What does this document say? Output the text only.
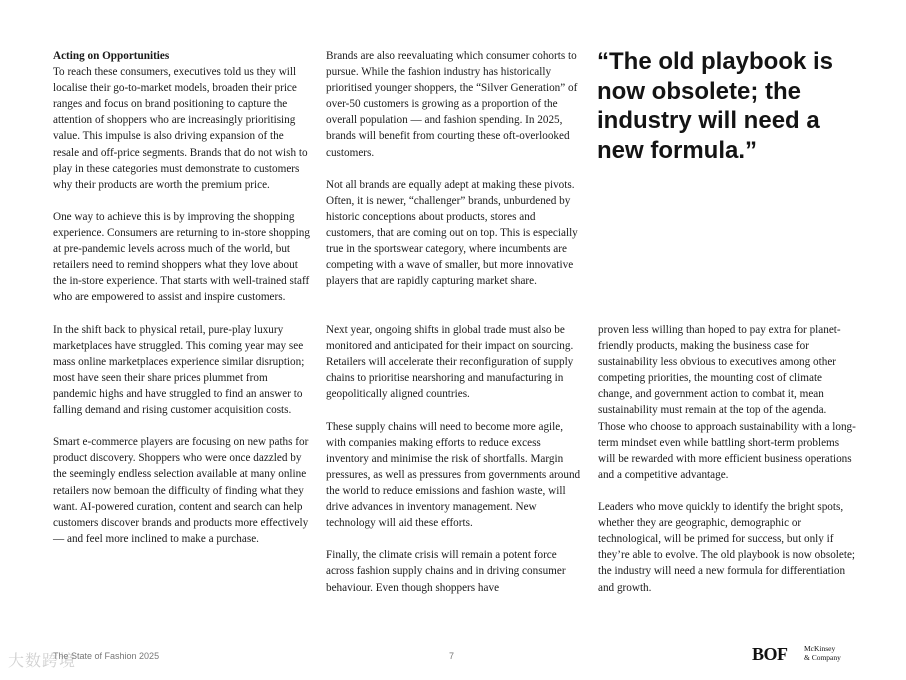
Acting on Opportunities

To reach these consumers, executives told us they will localise their go-to-market models, broaden their price ranges and focus on brand positioning to capture the attention of shoppers who are increasingly prioritising value. This impulse is also driving expansion of the resale and off-price segments. Brands that do not wish to play in these categories must demonstrate to customers why their products are worth the premium price.

One way to achieve this is by improving the shopping experience. Consumers are returning to in-store shopping at pre-pandemic levels across much of the world, but retailers need to remind shoppers what they love about the in-store experience. That starts with well-trained staff who are empowered to assist and inspire customers.

In the shift back to physical retail, pure-play luxury marketplaces have struggled. This coming year may see mass online marketplaces experience similar disruption; most have seen their share prices plummet from pandemic highs and have struggled to find an answer to falling demand and rising customer acquisition costs.

Smart e-commerce players are focusing on new paths for product discovery. Shoppers who were once dazzled by the seemingly endless selection available at many online retailers now bemoan the difficulty of finding what they want. AI-powered curation, content and search can help customers discover brands and products more effectively — and feel more inclined to make a purchase.

Brands are also reevaluating which consumer cohorts to pursue. While the fashion industry has historically prioritised younger shoppers, the “Silver Generation” of over-50 customers is growing as a proportion of the overall population — and fashion spending. In 2025, brands will benefit from courting these oft-overlooked customers.

Not all brands are equally adept at making these pivots. Often, it is newer, “challenger” brands, unburdened by historic conceptions about products, stores and customers, that are coming out on top. This is especially true in the sportswear category, where incumbents are competing with a wave of smaller, but more innovative players that are rapidly capturing market share.

“The old playbook is now obsolete; the industry will need a new formula.”

Next year, ongoing shifts in global trade must also be monitored and anticipated for their impact on sourcing. Retailers will accelerate their reconfiguration of supply chains to prioritise nearshoring and manufacturing in geopolitically aligned countries.

These supply chains will need to become more agile, with companies making efforts to reduce excess inventory and minimise the risk of shortfalls. Margin pressures, as well as pressures from governments around the world to reduce emissions and fashion waste, will drive advances in inventory management. New technology will aid these efforts.

Finally, the climate crisis will remain a potent force across fashion supply chains and in driving consumer behaviour. Even though shoppers have

proven less willing than hoped to pay extra for planet-friendly products, making the business case for sustainability less obvious to executives among other competing priorities, the mounting cost of climate change, and government action to combat it, mean sustainability must remain at the top of the agenda. Those who choose to approach sustainability with a long-term mindset even while battling short-term problems will be rewarded with more efficient business operations and a competitive advantage.

Leaders who move quickly to identify the bright spots, whether they are geographic, demographic or technological, will be primed for success, but only if they’re able to evolve. The old playbook is now obsolete; the industry will need a new formula for differentiation and growth.

The State of Fashion 2025	7	BOF McKinsey
& Company
大数跨境
